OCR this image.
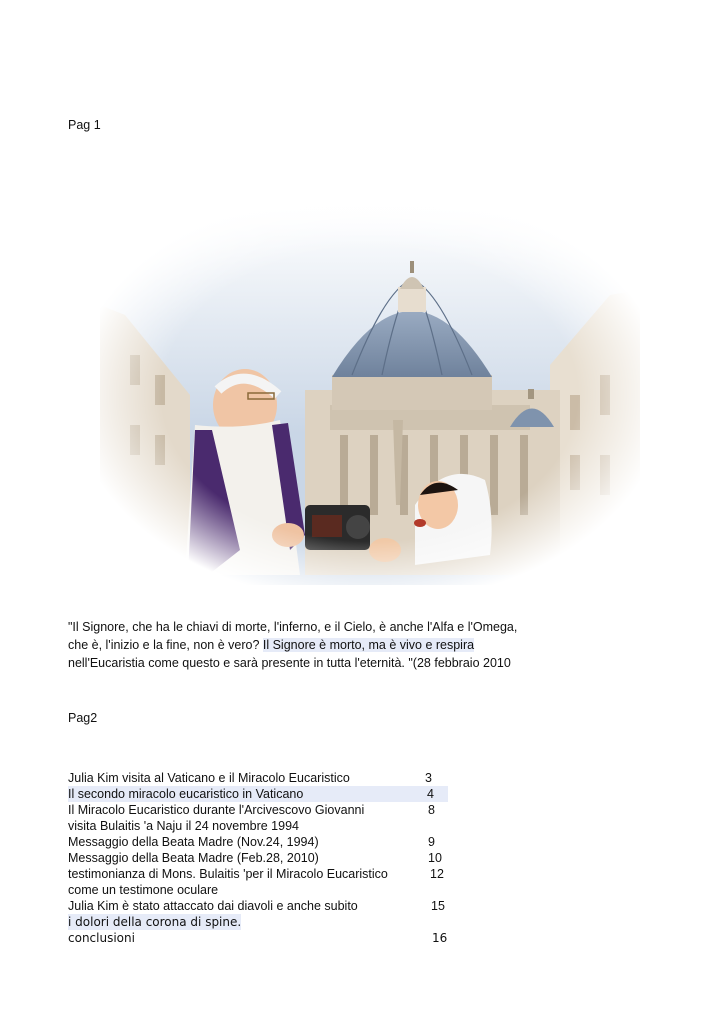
Pag 1
"Il Signore, che ha le chiavi di morte, l'inferno, e il Cielo, è anche l'Alfa e l'Omega, che è, l'inizio e la fine, non è vero? Il Signore è morto, ma è vivo e respira nell'Eucaristia come questo e sarà presente in tutta l'eternità. "(28 febbraio 2010
Pag2
Julia Kim visita al Vaticano e il Miracolo Eucaristico	3
Il secondo miracolo eucaristico in Vaticano	4
Il Miracolo Eucaristico durante l'Arcivescovo Giovanni	8
visita Bulaitis 'a Naju il 24 novembre 1994
Messaggio della Beata Madre (Nov.24, 1994)	9
Messaggio della Beata Madre (Feb.28, 2010)	10
testimonianza di Mons. Bulaitis 'per il Miracolo Eucaristico	12
come un testimone oculare
Julia Kim è stato attaccato dai diavoli e anche subito	15
i dolori della corona di spine.
conclusioni	16
